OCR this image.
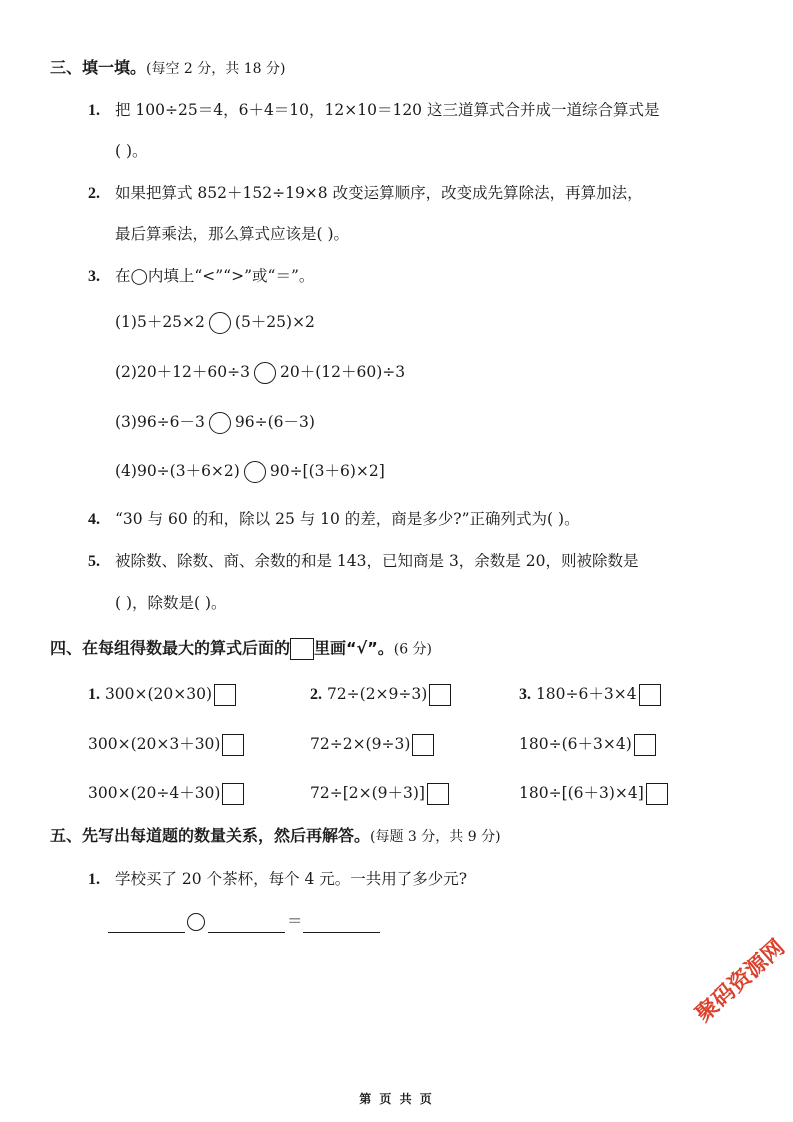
三、填一填。(每空 2 分，共 18 分)
1. 把 100÷25＝4，6＋4＝10，12×10＝120 这三道算式合并成一道综合算式是
( )。
2. 如果把算式 852＋152÷19×8 改变运算顺序，改变成先算除法，再算加法，
最后算乘法，那么算式应该是( )。
3. 在◯内填上“<”“>”或“＝”。
(1)5＋25×2 (5＋25)×2
(2)20＋12＋60÷3 20＋(12＋60)÷3
(3)96÷6－3 96÷(6－3)
(4)90÷(3＋6×2) 90÷[(3＋6)×2]
4. “30 与 60 的和，除以 25 与 10 的差，商是多少?”正确列式为( )。
5. 被除数、除数、商、余数的和是 143，已知商是 3，余数是 20，则被除数是
( )，除数是( )。
四、在每组得数最大的算式后面的 里画“√”。(6 分)
1. 300×(20×30)
300×(20×3＋30)
300×(20÷4＋30)
2. 72÷(2×9÷3)
72÷2×(9÷3)
72÷[2×(9＋3)]
3. 180÷6＋3×4
180÷(6＋3×4)
180÷[(6＋3)×4]
五、先写出每道题的数量关系，然后再解答。(每题 3 分，共 9 分)
1. 学校买了 20 个茶杯，每个 4 元。一共用了多少元?
＝
第 页 共 页
聚码资源网
